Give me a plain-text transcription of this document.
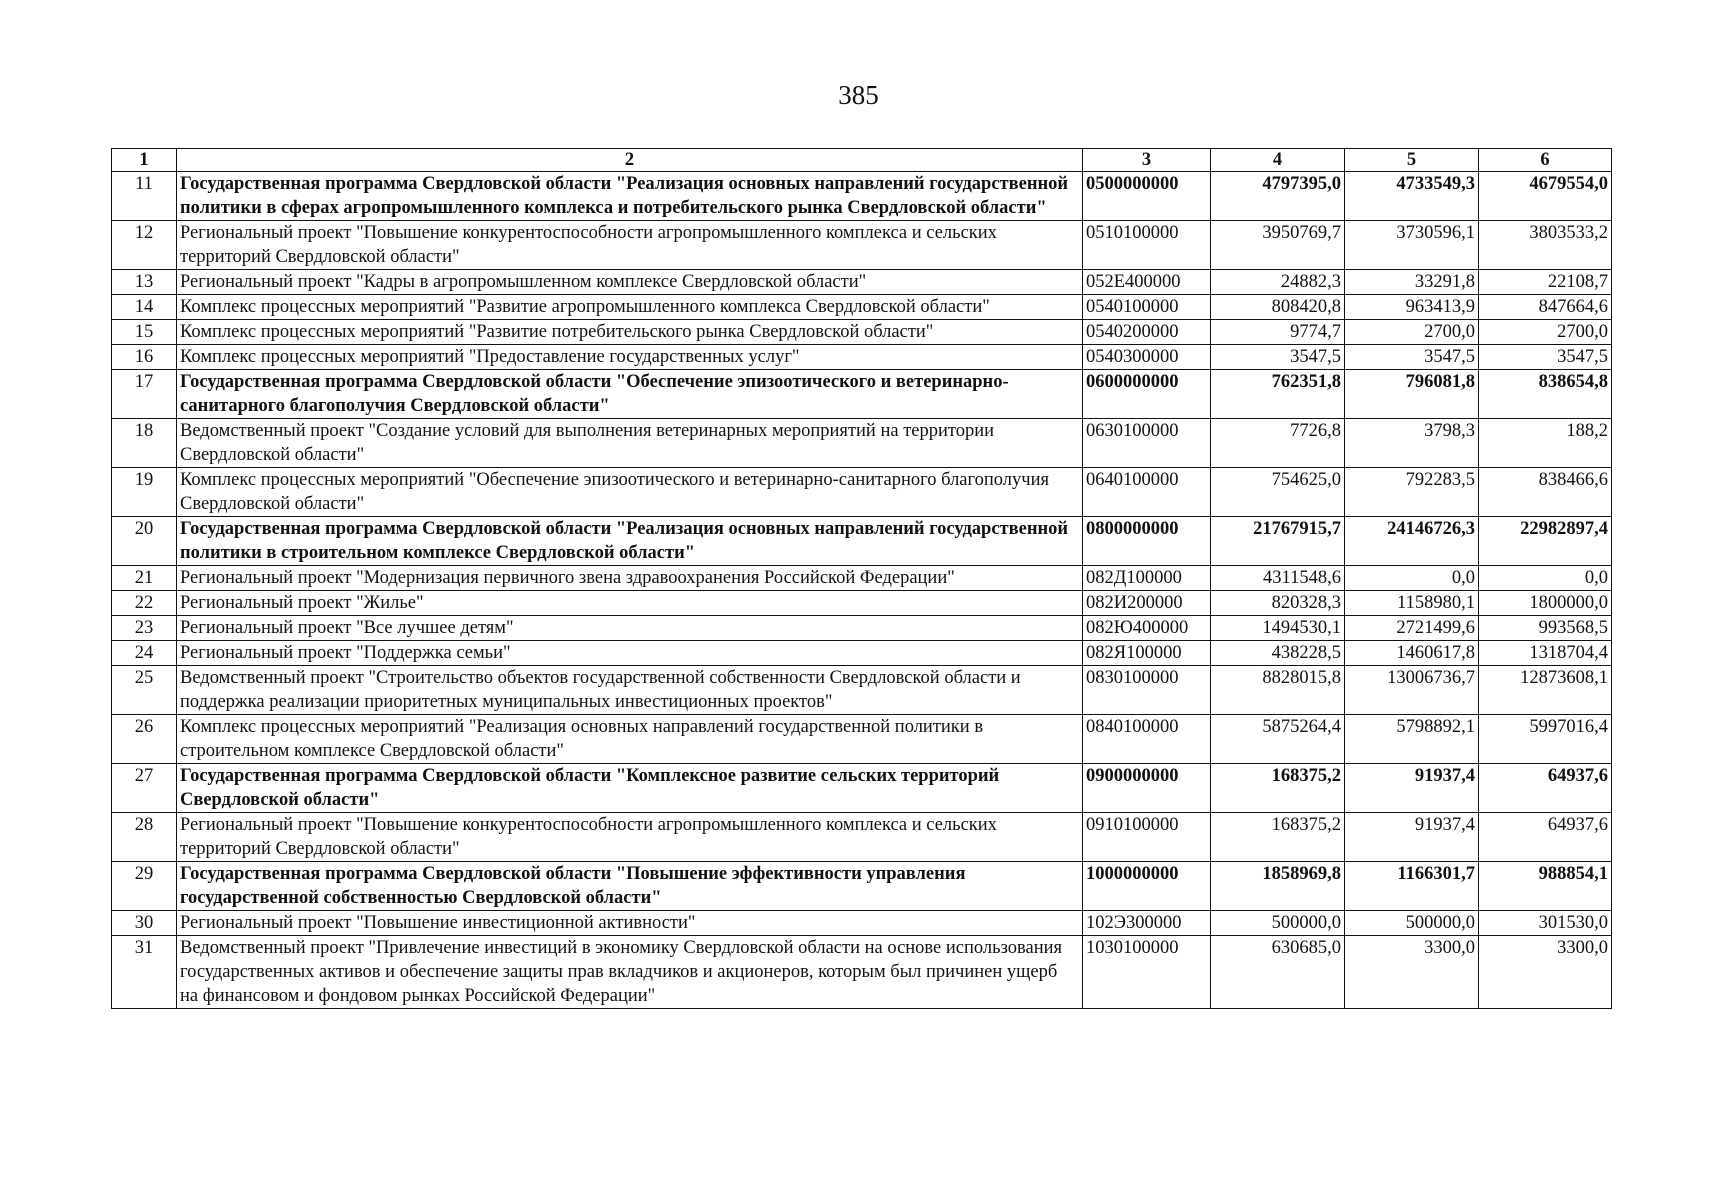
385
1	2	3	4	5	6
11	Государственная программа Свердловской области "Реализация основных направлений государственной политики в сферах агропромышленного комплекса и потребительского рынка Свердловской области"	0500000000	4797395,0	4733549,3	4679554,0
12	Региональный проект "Повышение конкурентоспособности агропромышленного комплекса и сельских территорий Свердловской области"	0510100000	3950769,7	3730596,1	3803533,2
13	Региональный проект "Кадры в агропромышленном комплексе Свердловской области"	052Е400000	24882,3	33291,8	22108,7
14	Комплекс процессных мероприятий "Развитие агропромышленного комплекса Свердловской области"	0540100000	808420,8	963413,9	847664,6
15	Комплекс процессных мероприятий "Развитие потребительского рынка Свердловской области"	0540200000	9774,7	2700,0	2700,0
16	Комплекс процессных мероприятий "Предоставление государственных услуг"	0540300000	3547,5	3547,5	3547,5
17	Государственная программа Свердловской области "Обеспечение эпизоотического и ветеринарно-санитарного благополучия Свердловской области"	0600000000	762351,8	796081,8	838654,8
18	Ведомственный проект "Создание условий для выполнения ветеринарных мероприятий на территории Свердловской области"	0630100000	7726,8	3798,3	188,2
19	Комплекс процессных мероприятий "Обеспечение эпизоотического и ветеринарно-санитарного благополучия Свердловской области"	0640100000	754625,0	792283,5	838466,6
20	Государственная программа Свердловской области "Реализация основных направлений государственной политики в строительном комплексе Свердловской области"	0800000000	21767915,7	24146726,3	22982897,4
21	Региональный проект "Модернизация первичного звена здравоохранения Российской Федерации"	082Д100000	4311548,6	0,0	0,0
22	Региональный проект "Жилье"	082И200000	820328,3	1158980,1	1800000,0
23	Региональный проект "Все лучшее детям"	082Ю400000	1494530,1	2721499,6	993568,5
24	Региональный проект "Поддержка семьи"	082Я100000	438228,5	1460617,8	1318704,4
25	Ведомственный проект "Строительство объектов государственной собственности Свердловской области и поддержка реализации приоритетных муниципальных инвестиционных проектов"	0830100000	8828015,8	13006736,7	12873608,1
26	Комплекс процессных мероприятий "Реализация основных направлений государственной политики в строительном комплексе Свердловской области"	0840100000	5875264,4	5798892,1	5997016,4
27	Государственная программа Свердловской области "Комплексное развитие сельских территорий Свердловской области"	0900000000	168375,2	91937,4	64937,6
28	Региональный проект "Повышение конкурентоспособности агропромышленного комплекса и сельских территорий Свердловской области"	0910100000	168375,2	91937,4	64937,6
29	Государственная программа Свердловской области "Повышение эффективности управления государственной собственностью Свердловской области"	1000000000	1858969,8	1166301,7	988854,1
30	Региональный проект "Повышение инвестиционной активности"	102Э300000	500000,0	500000,0	301530,0
31	Ведомственный проект "Привлечение инвестиций в экономику Свердловской области на основе использования государственных активов и обеспечение защиты прав вкладчиков и акционеров, которым был причинен ущерб на финансовом и фондовом рынках Российской Федерации"	1030100000	630685,0	3300,0	3300,0
